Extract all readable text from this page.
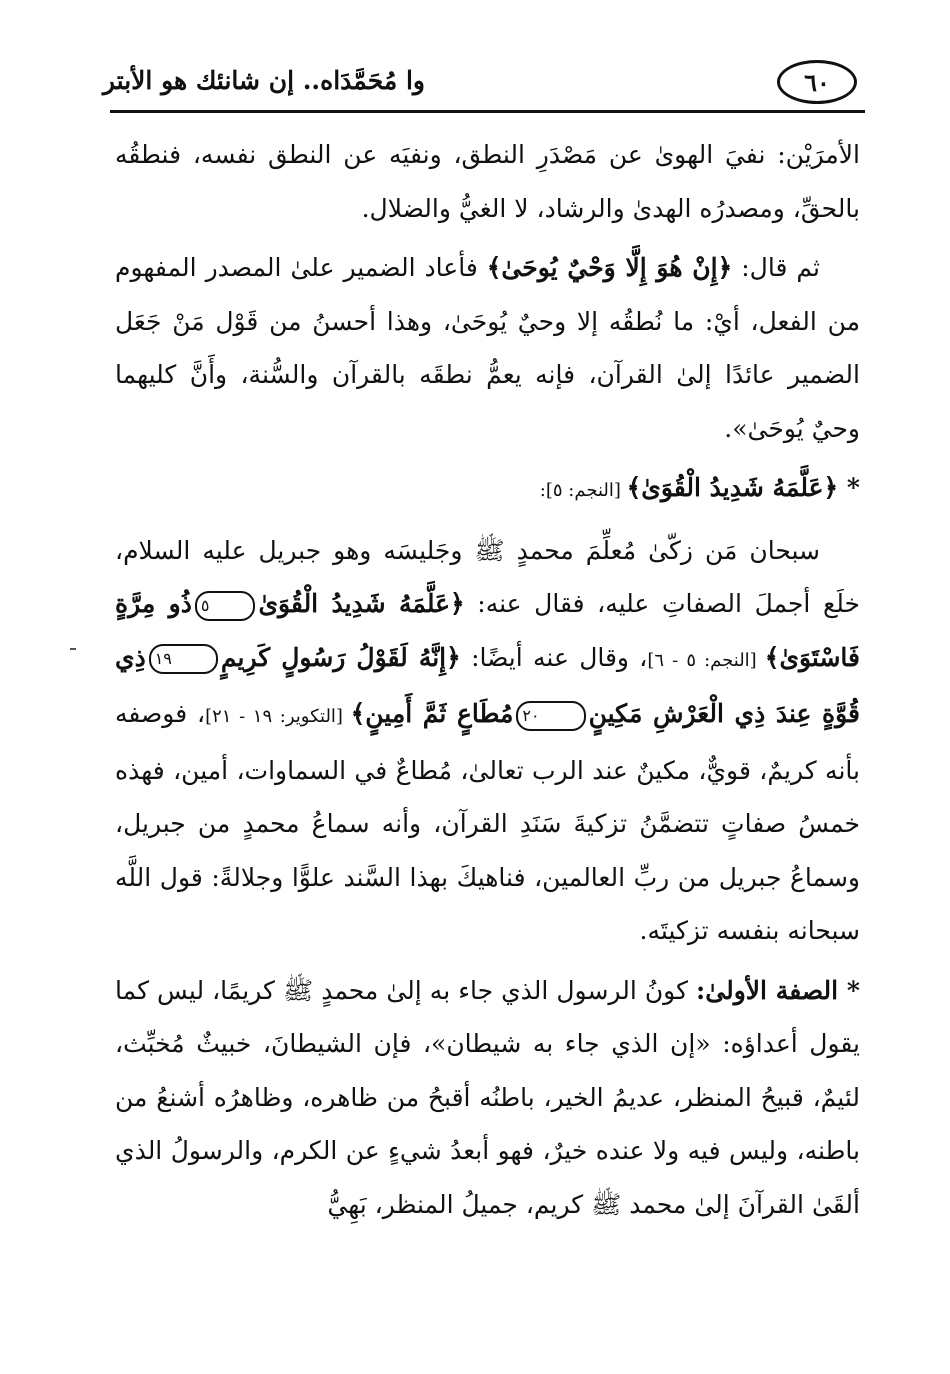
٦٠
وا مُحَمَّدَاه.. إن شانئك هو الأبتر

الأمرَيْن: نفيَ الهوىٰ عن مَصْدَرِ النطق، ونفيَه عن النطق نفسه، فنطقُه بالحقِّ، ومصدرُه الهدىٰ والرشاد، لا الغيُّ والضلال.

ثم قال: ﴿إِنْ هُوَ إِلَّا وَحْيٌ يُوحَىٰ﴾ فأعاد الضمير علىٰ المصدر المفهوم من الفعل، أيْ: ما نُطقُه إلا وحيٌ يُوحَىٰ، وهذا أحسنُ من قَوْل مَنْ جَعَل الضمير عائدًا إلىٰ القرآن، فإنه يعمُّ نطقَه بالقرآن والسُّنة، وأَنَّ كليهما وحيٌ يُوحَىٰ».

* ﴿عَلَّمَهُ شَدِيدُ الْقُوَىٰ﴾ [النجم: ٥]:

سبحان مَن زكّىٰ مُعلِّمَ محمدٍ ﷺ وجَليسَه وهو جبريل عليه السلام، خلَع أجملَ الصفاتِ عليه، فقال عنه: ﴿عَلَّمَهُ شَدِيدُ الْقُوَىٰ٥ذُو مِرَّةٍ فَاسْتَوَىٰ﴾ [النجم: ٥ - ٦]، وقال عنه أيضًا: ﴿إِنَّهُ لَقَوْلُ رَسُولٍ كَرِيمٍ١٩ذِي قُوَّةٍ عِندَ ذِي الْعَرْشِ مَكِينٍ٢٠مُطَاعٍ ثَمَّ أَمِينٍ﴾ [التكوير: ١٩ - ٢١]، فوصفه بأنه كريمٌ، قويٌّ، مكينٌ عند الرب تعالىٰ، مُطاعٌ في السماوات، أمين، فهذه خمسُ صفاتٍ تتضمَّنُ تزكيةَ سَنَدِ القرآن، وأنه سماعُ محمدٍ من جبريل، وسماعُ جبريل من ربِّ العالمين، فناهيكَ بهذا السَّند علوًّا وجلالةً: قول اللَّه سبحانه بنفسه تزكيتَه.

* الصفة الأولىٰ: كونُ الرسول الذي جاء به إلىٰ محمدٍ ﷺ كريمًا، ليس كما يقول أعداؤه: «إن الذي جاء به شيطان»، فإن الشيطانَ، خبيثٌ مُخبِّث، لئيمٌ، قبيحُ المنظر، عديمُ الخير، باطنُه أقبحُ من ظاهره، وظاهرُه أشنعُ من باطنه، وليس فيه ولا عنده خيرٌ، فهو أبعدُ شيءٍ عن الكرم، والرسولُ الذي ألقَىٰ القرآنَ إلىٰ محمد ﷺ كريم، جميلُ المنظر، بَهِيُّ
